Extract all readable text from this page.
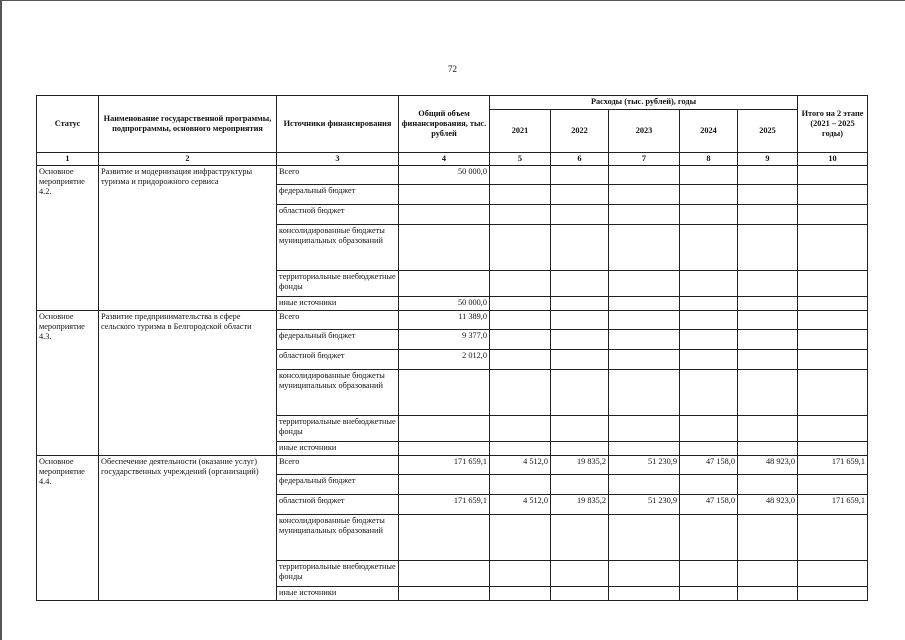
72
Статус	Наименование государственной программы, подпрограммы, основного мероприятия	Источники финансирования	Общий объем финансирования, тыс. рублей	Расходы (тыс. рублей), годы					Итого на 2 этапе (2021 – 2025 годы)
				2021	2022	2023	2024	2025	
1	2	3	4	5	6	7	8	9	10
Основное мероприятие 4.2.	Развитие и модернизация инфраструктуры туризма и придорожного сервиса	Всего	50 000,0						
		федеральный бюджет							
		областной бюджет							
		консолидированные бюджеты муниципальных образований							
		территориальные внебюджетные фонды							
		иные источники	50 000,0						
Основное мероприятие 4.3.	Развитие предпринимательства в сфере сельского туризма в Белгородской области	Всего	11 389,0						
		федеральный бюджет	9 377,0						
		областной бюджет	2 012,0						
		консолидированные бюджеты муниципальных образований							
		территориальные внебюджетные фонды							
		иные источники							
Основное мероприятие 4.4.	Обеспечение деятельности (оказание услуг) государственных учреждений (организаций)	Всего	171 659,1	4 512,0	19 835,2	51 230,9	47 158,0	48 923,0	171 659,1
		федеральный бюджет							
		областной бюджет	171 659,1	4 512,0	19 835,2	51 230,9	47 158,0	48 923,0	171 659,1
		консолидированные бюджеты муниципальных образований							
		территориальные внебюджетные фонды							
		иные источники							
